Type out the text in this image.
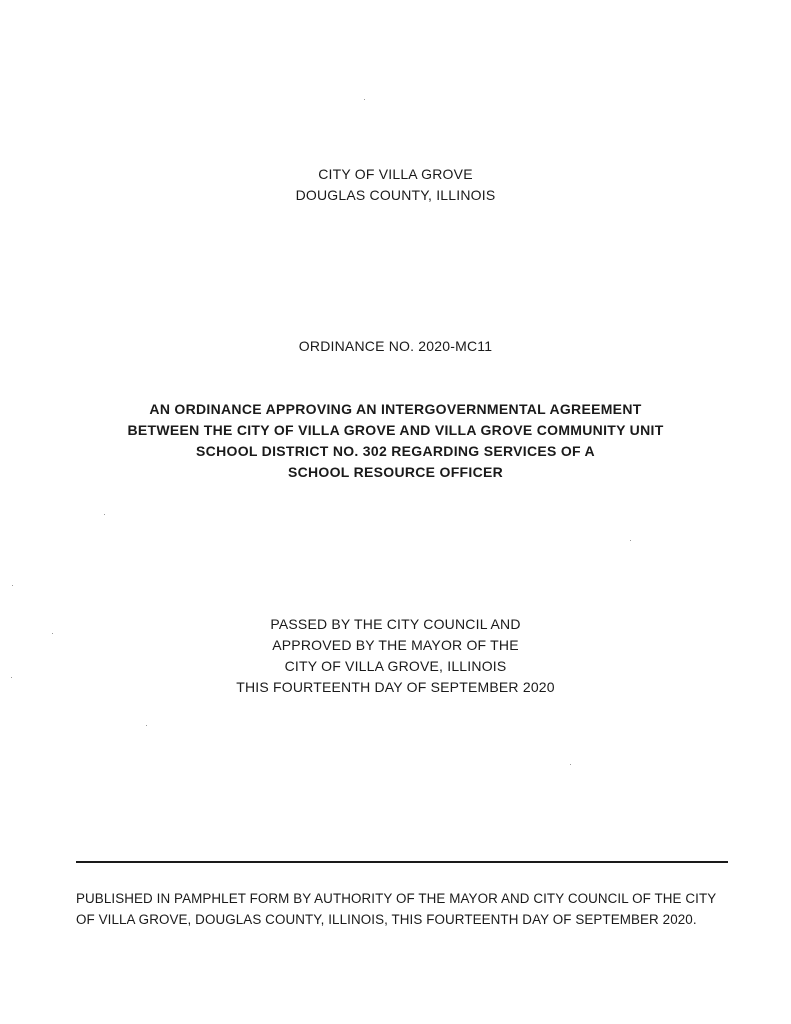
CITY OF VILLA GROVE
DOUGLAS COUNTY, ILLINOIS
ORDINANCE NO. 2020-MC11
AN ORDINANCE APPROVING AN INTERGOVERNMENTAL AGREEMENT
BETWEEN THE CITY OF VILLA GROVE AND VILLA GROVE COMMUNITY UNIT
SCHOOL DISTRICT NO. 302 REGARDING SERVICES OF A
SCHOOL RESOURCE OFFICER
PASSED BY THE CITY COUNCIL AND
APPROVED BY THE MAYOR OF THE
CITY OF VILLA GROVE, ILLINOIS
THIS FOURTEENTH DAY OF SEPTEMBER 2020
PUBLISHED IN PAMPHLET FORM BY AUTHORITY OF THE MAYOR AND CITY COUNCIL OF THE CITY
OF VILLA GROVE, DOUGLAS COUNTY, ILLINOIS, THIS FOURTEENTH DAY OF SEPTEMBER 2020.
